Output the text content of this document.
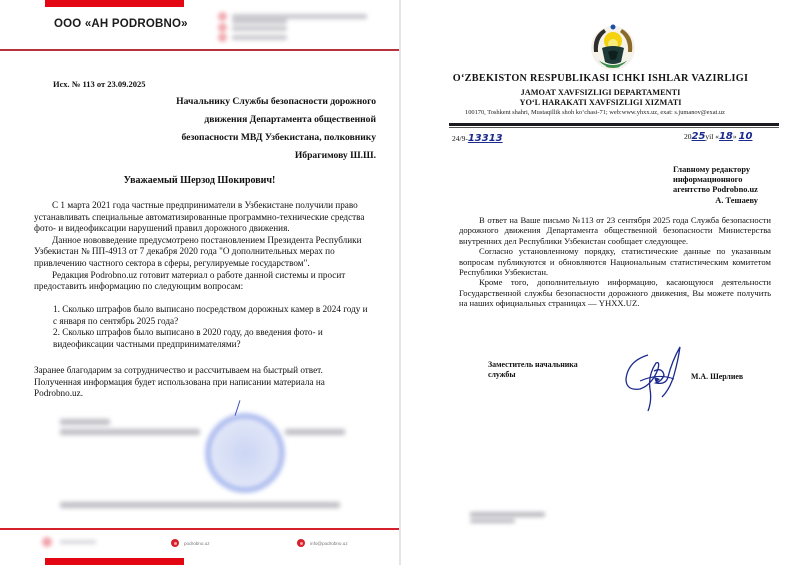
ООО «АН PODROBNO»
Исх. № 113 от 23.09.2025
Начальнику Службы безопасности дорожного
движения Департамента общественной
безопасности МВД Узбекистана, полковнику
Ибрагимову Ш.Ш.
Уважаемый Шерзод Шокирович!

С 1 марта 2021 года частные предприниматели в Узбекистане получили право устанавливать специальные автоматизированные программно-технические средства фото- и видеофиксации нарушений правил дорожного движения.

Данное нововведение предусмотрено постановлением Президента Республики Узбекистан № ПП-4913 от 7 декабря 2020 года "О дополнительных мерах по привлечению частного сектора в сферы, регулируемые государством".

Редакция Podrobno.uz готовит материал о работе данной системы и просит предоставить информацию по следующим вопросам:

1. Сколько штрафов было выписано посредством дорожных камер в 2024 году и с января по сентябрь 2025 года?
2. Сколько штрафов было выписано в 2020 году, до введения фото- и видеофиксации частными предпринимателями?
Заранее благодарим за сотрудничество и рассчитываем на быстрый ответ.
Полученная информация будет использована при написании материала на Podrobno.uz.
podrobno.uz	info@podrobno.uz
O‘ZBEKISTON RESPUBLIKASI ICHKI ISHLAR VAZIRLIGI
JAMOAT XAVFSIZLIGI DEPARTAMENTI
YO‘L HARAKATI XAVFSIZLIGI XIZMATI
100170, Toshkent shahri, Mustaqillik shoh ko‘chasi-71; web:www.yhxx.uz, exat: s.jumanov@exat.uz
24/9-13313	2025yil «18» 10
Главному редактору
информационного
агентство Podrobno.uz
А. Тешаеву

В ответ на Ваше письмо №113 от 23 сентября 2025 года Служба безопасности дорожного движения Департамента общественной безопасности Министерства внутренних дел Республики Узбекистан сообщает следующее.

Согласно установленному порядку, статистические данные по указанным вопросам публикуются и обновляются Национальным статистическим комитетом Республики Узбекистан.

Кроме того, дополнительную информацию, касающуюся деятельности Государственной службы безопасности дорожного движения, Вы можете получить на наших официальных страницах — YHXX.UZ.

Заместитель начальника
службы	М.А. Шерлиев
